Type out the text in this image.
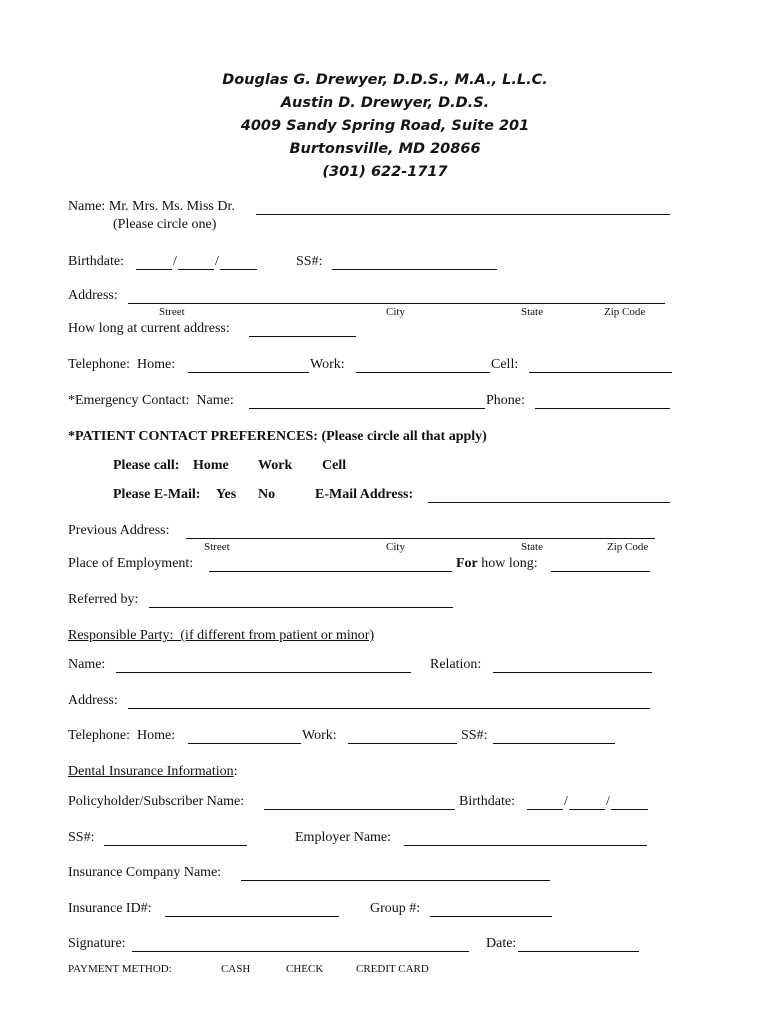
Douglas G. Drewyer, D.D.S., M.A., L.L.C.
Austin D. Drewyer, D.D.S.
4009 Sandy Spring Road, Suite 201
Burtonsville, MD 20866
(301) 622-1717
Name: Mr. Mrs. Ms. Miss Dr.
(Please circle one)
Birthdate:	/	/	SS#:
Address:
Street	City	State	Zip Code
How long at current address:
Telephone:  Home:	Work:	Cell:
*Emergency Contact:  Name:	Phone:
*PATIENT CONTACT PREFERENCES: (Please circle all that apply)
Please call: Home Work Cell
Please E-Mail: Yes No	E-Mail Address:
Previous Address:
Street	City	State	Zip Code
Place of Employment:	For how long:
Referred by:
Responsible Party:  (if different from patient or minor)
Name:	Relation:
Address:
Telephone:  Home:	Work:	SS#:
Dental Insurance Information:
Policyholder/Subscriber Name:	Birthdate:	/	/
SS#:	Employer Name:
Insurance Company Name:
Insurance ID#:	Group #:
Signature:	Date:
PAYMENT METHOD:	CASH	CHECK	CREDIT CARD
